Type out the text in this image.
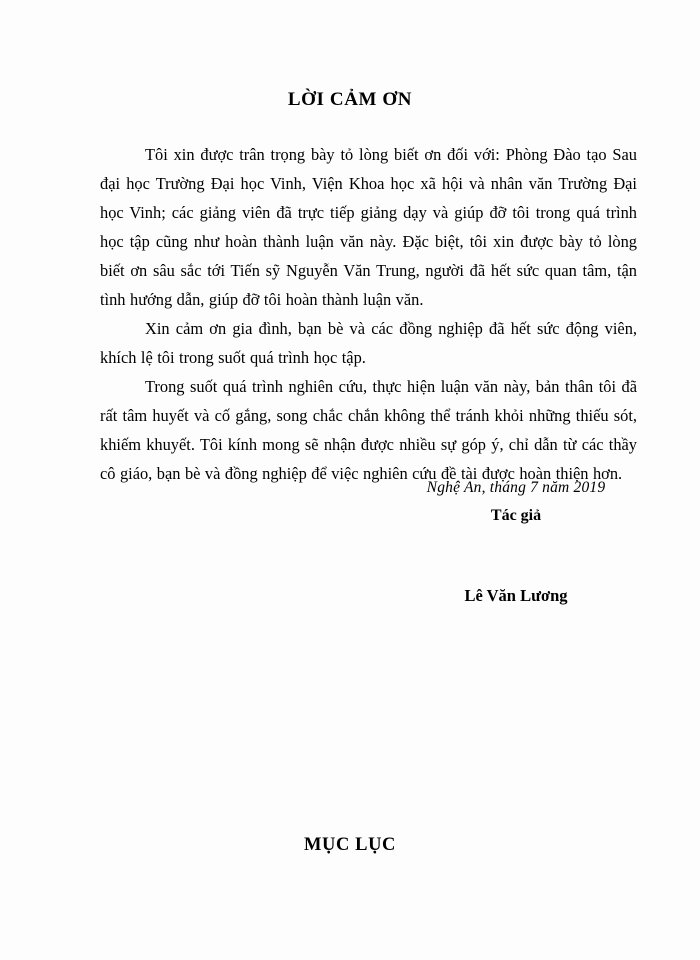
LỜI CẢM ƠN

Tôi xin được trân trọng bày tỏ lòng biết ơn đối với: Phòng Đào tạo Sau đại học Trường Đại học Vinh, Viện Khoa học xã hội và nhân văn Trường Đại học Vinh; các giảng viên đã trực tiếp giảng dạy và giúp đỡ tôi trong quá trình học tập cũng như hoàn thành luận văn này. Đặc biệt, tôi xin được bày tỏ lòng biết ơn sâu sắc tới Tiến sỹ Nguyễn Văn Trung, người đã hết sức quan tâm, tận tình hướng dẫn, giúp đỡ tôi hoàn thành luận văn.

Xin cảm ơn gia đình, bạn bè và các đồng nghiệp đã hết sức động viên, khích lệ tôi trong suốt quá trình học tập.

Trong suốt quá trình nghiên cứu, thực hiện luận văn này, bản thân tôi đã rất tâm huyết và cố gắng, song chắc chắn không thể tránh khỏi những thiếu sót, khiếm khuyết. Tôi kính mong sẽ nhận được nhiều sự góp ý, chỉ dẫn từ các thầy cô giáo, bạn bè và đồng nghiệp để việc nghiên cứu đề tài được hoàn thiện hơn.

Nghệ An, tháng 7 năm 2019
Tác giả
Lê Văn Lương
MỤC LỤC
